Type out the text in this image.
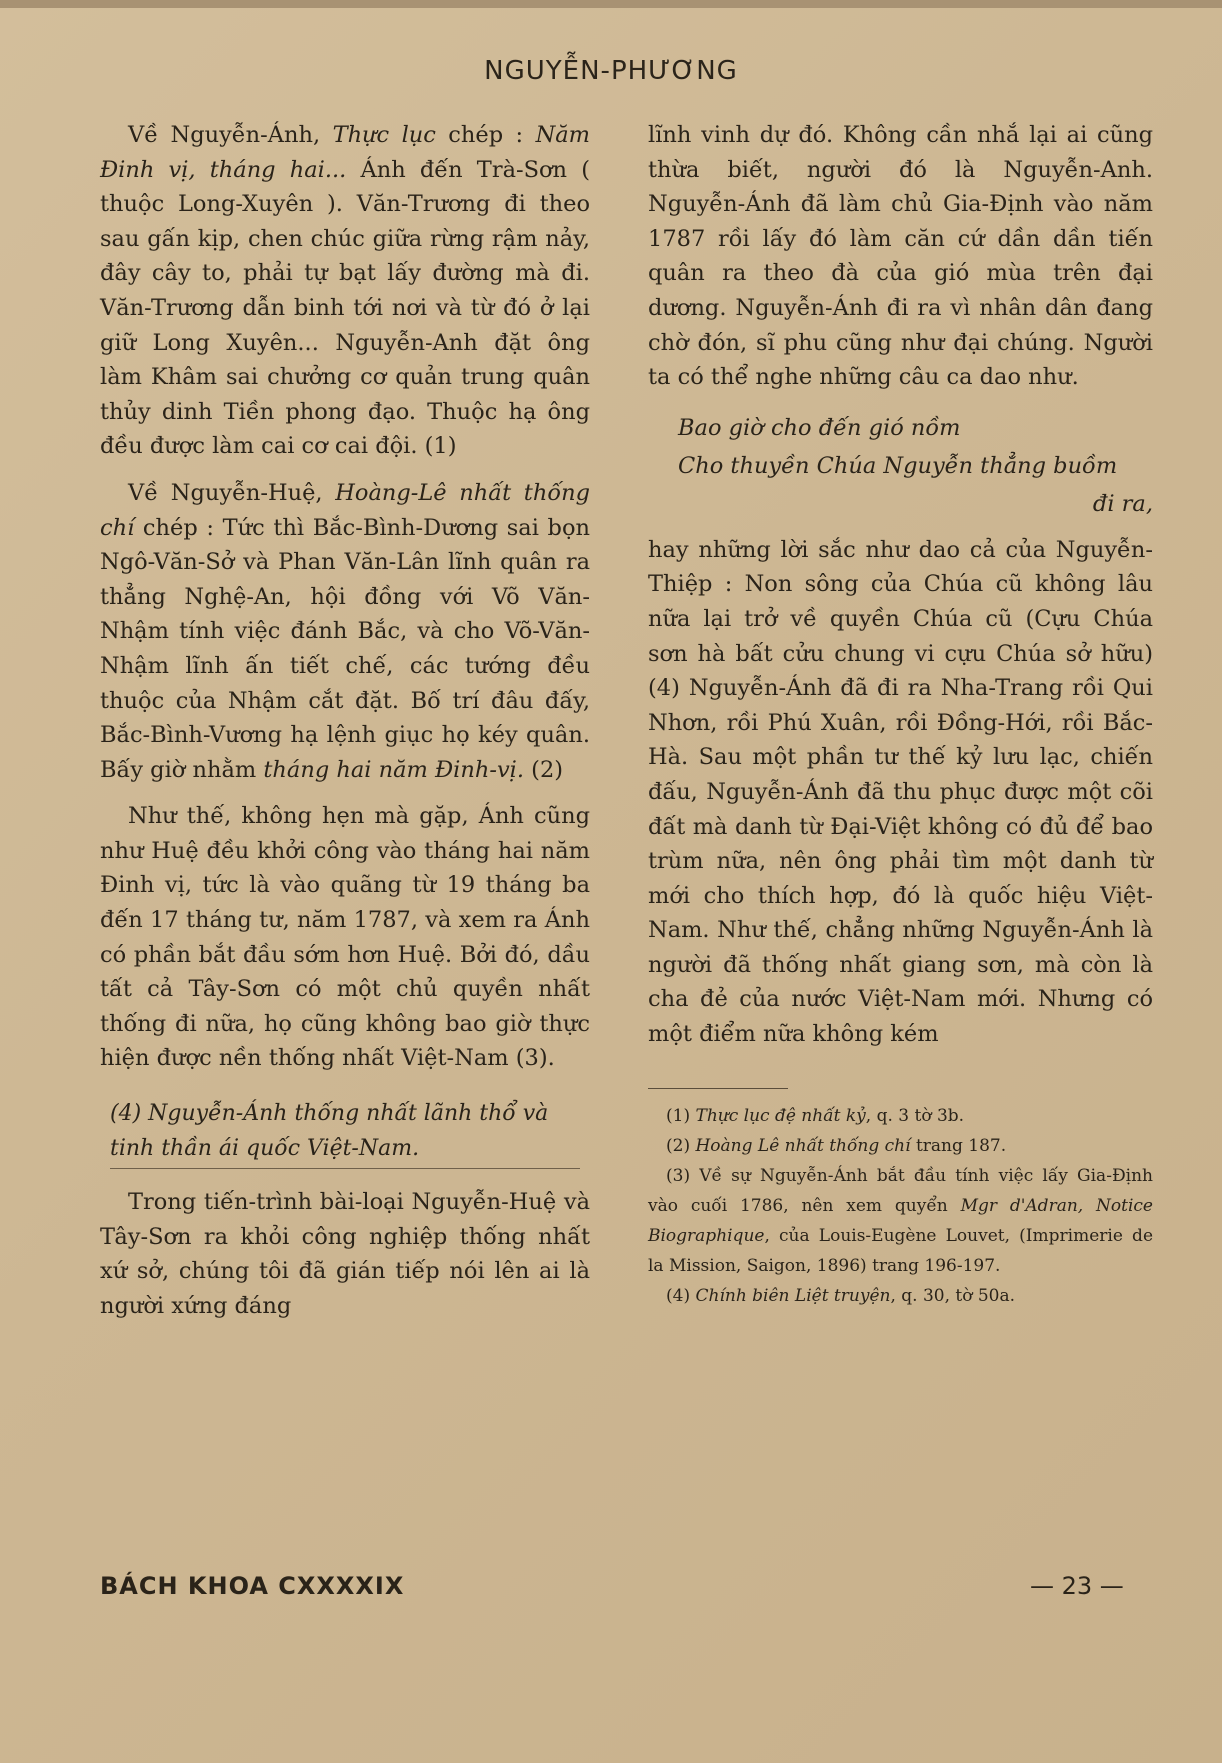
NGUYỄN-PHƯƠNG

Về Nguyễn-Ánh, Thực lục chép : Năm Đinh vị, tháng hai... Ánh đến Trà-Sơn ( thuộc Long-Xuyên ). Văn-Trương đi theo sau gấn kịp, chen chúc giữa rừng rậm nảy, đây cây to, phải tự bạt lấy đường mà đi. Văn-Trương dẫn binh tới nơi và từ đó ở lại giữ Long Xuyên... Nguyễn-Anh đặt ông làm Khâm sai chưởng cơ quản trung quân thủy dinh Tiền phong đạo. Thuộc hạ ông đều được làm cai cơ cai đội. (1)

Về Nguyễn-Huệ, Hoàng-Lê nhất thống chí chép : Tức thì Bắc-Bình-Dương sai bọn Ngô-Văn-Sở và Phan Văn-Lân lĩnh quân ra thẳng Nghệ-An, hội đồng với Võ Văn-Nhậm tính việc đánh Bắc, và cho Võ-Văn-Nhậm lĩnh ấn tiết chế, các tướng đều thuộc của Nhậm cắt đặt. Bố trí đâu đấy, Bắc-Bình-Vương hạ lệnh giục họ kéy quân. Bấy giờ nhằm tháng hai năm Đinh-vị. (2)

Như thế, không hẹn mà gặp, Ánh cũng như Huệ đều khởi công vào tháng hai năm Đinh vị, tức là vào quãng từ 19 tháng ba đến 17 tháng tư, năm 1787, và xem ra Ánh có phần bắt đầu sớm hơn Huệ. Bởi đó, dầu tất cả Tây-Sơn có một chủ quyền nhất thống đi nữa, họ cũng không bao giờ thực hiện được nền thống nhất Việt-Nam (3).

(4) Nguyễn-Ánh thống nhất lãnh thổ và tinh thần ái quốc Việt-Nam.

Trong tiến-trình bài-loại Nguyễn-Huệ và Tây-Sơn ra khỏi công nghiệp thống nhất xứ sở, chúng tôi đã gián tiếp nói lên ai là người xứng đáng

lĩnh vinh dự đó. Không cần nhắ lại ai cũng thừa biết, người đó là Nguyễn-Anh. Nguyễn-Ánh đã làm chủ Gia-Định vào năm 1787 rồi lấy đó làm căn cứ dần dần tiến quân ra theo đà của gió mùa trên đại dương. Nguyễn-Ánh đi ra vì nhân dân đang chờ đón, sĩ phu cũng như đại chúng. Người ta có thể nghe những câu ca dao như.

Bao giờ cho đến gió nồm
Cho thuyền Chúa Nguyễn thẳng buồm
đi ra,

hay những lời sắc như dao cả của Nguyễn-Thiệp : Non sông của Chúa cũ không lâu nữa lại trở về quyền Chúa cũ (Cựu Chúa sơn hà bất cửu chung vi cựu Chúa sở hữu) (4) Nguyễn-Ánh đã đi ra Nha-Trang rồi Qui Nhơn, rồi Phú Xuân, rồi Đồng-Hới, rồi Bắc-Hà. Sau một phần tư thế kỷ lưu lạc, chiến đấu, Nguyễn-Ánh đã thu phục được một cõi đất mà danh từ Đại-Việt không có đủ để bao trùm nữa, nên ông phải tìm một danh từ mới cho thích hợp, đó là quốc hiệu Việt-Nam. Như thế, chẳng những Nguyễn-Ánh là người đã thống nhất giang sơn, mà còn là cha đẻ của nước Việt-Nam mới. Nhưng có một điểm nữa không kém

(1) Thực lục đệ nhất kỷ, q. 3 tờ 3b.

(2) Hoàng Lê nhất thống chí trang 187.

(3) Về sự Nguyễn-Ánh bắt đầu tính việc lấy Gia-Định vào cuối 1786, nên xem quyển Mgr d'Adran, Notice Biographique, của Louis-Eugène Louvet, (Imprimerie de la Mission, Saigon, 1896) trang 196-197.

(4) Chính biên Liệt truyện, q. 30, tờ 50a.

BÁCH KHOA CXXXXIX	— 23 —
